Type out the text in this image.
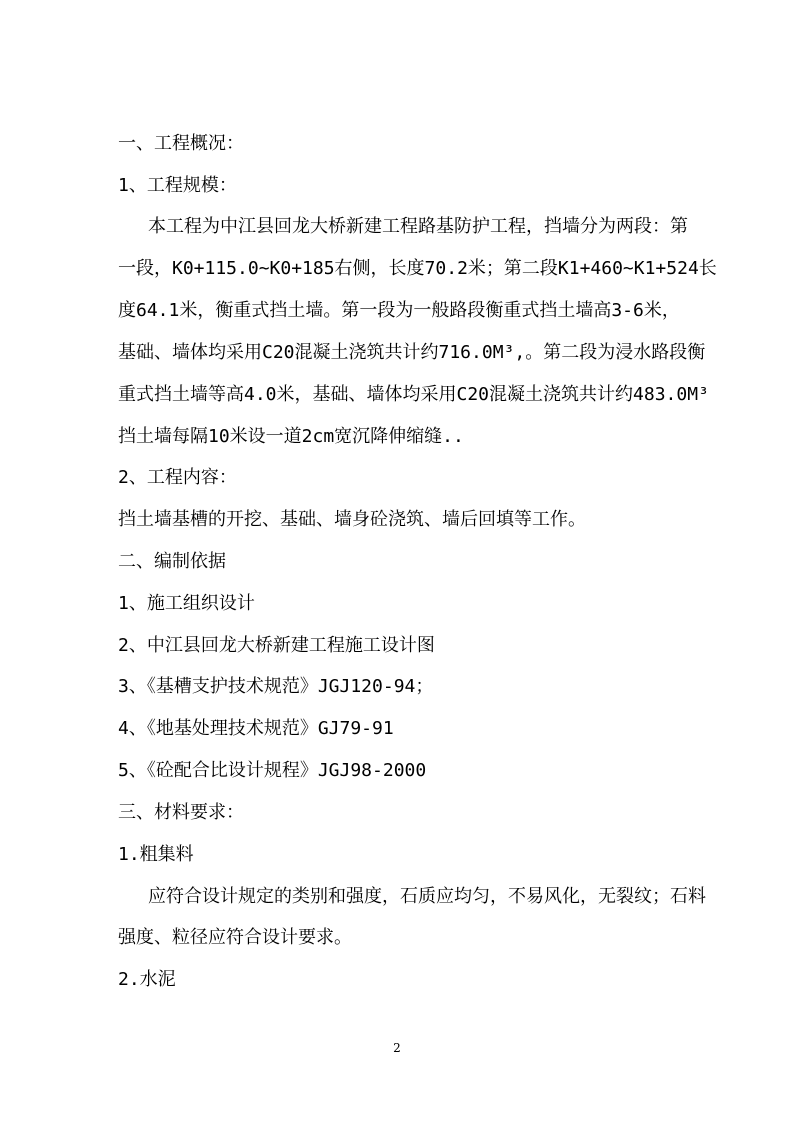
一、工程概况：
1、工程规模：
本工程为中江县回龙大桥新建工程路基防护工程，挡墙分为两段：第
一段，K0+115.0~K0+185右侧，长度70.2米；第二段K1+460~K1+524长
度64.1米，衡重式挡土墙。第一段为一般路段衡重式挡土墙高3-6米，
基础、墙体均采用C20混凝土浇筑共计约716.0M³,。第二段为浸水路段衡
重式挡土墙等高4.0米，基础、墙体均采用C20混凝土浇筑共计约483.0M³
挡土墙每隔10米设一道2cm宽沉降伸缩缝..
2、工程内容：
挡土墙基槽的开挖、基础、墙身砼浇筑、墙后回填等工作。
二、编制依据
1、施工组织设计
2、中江县回龙大桥新建工程施工设计图
3、《基槽支护技术规范》JGJ120-94；
4、《地基处理技术规范》GJ79-91
5、《砼配合比设计规程》JGJ98-2000
三、材料要求：
1.粗集料
应符合设计规定的类别和强度，石质应均匀，不易风化，无裂纹；石料
强度、粒径应符合设计要求。
2.水泥
2
